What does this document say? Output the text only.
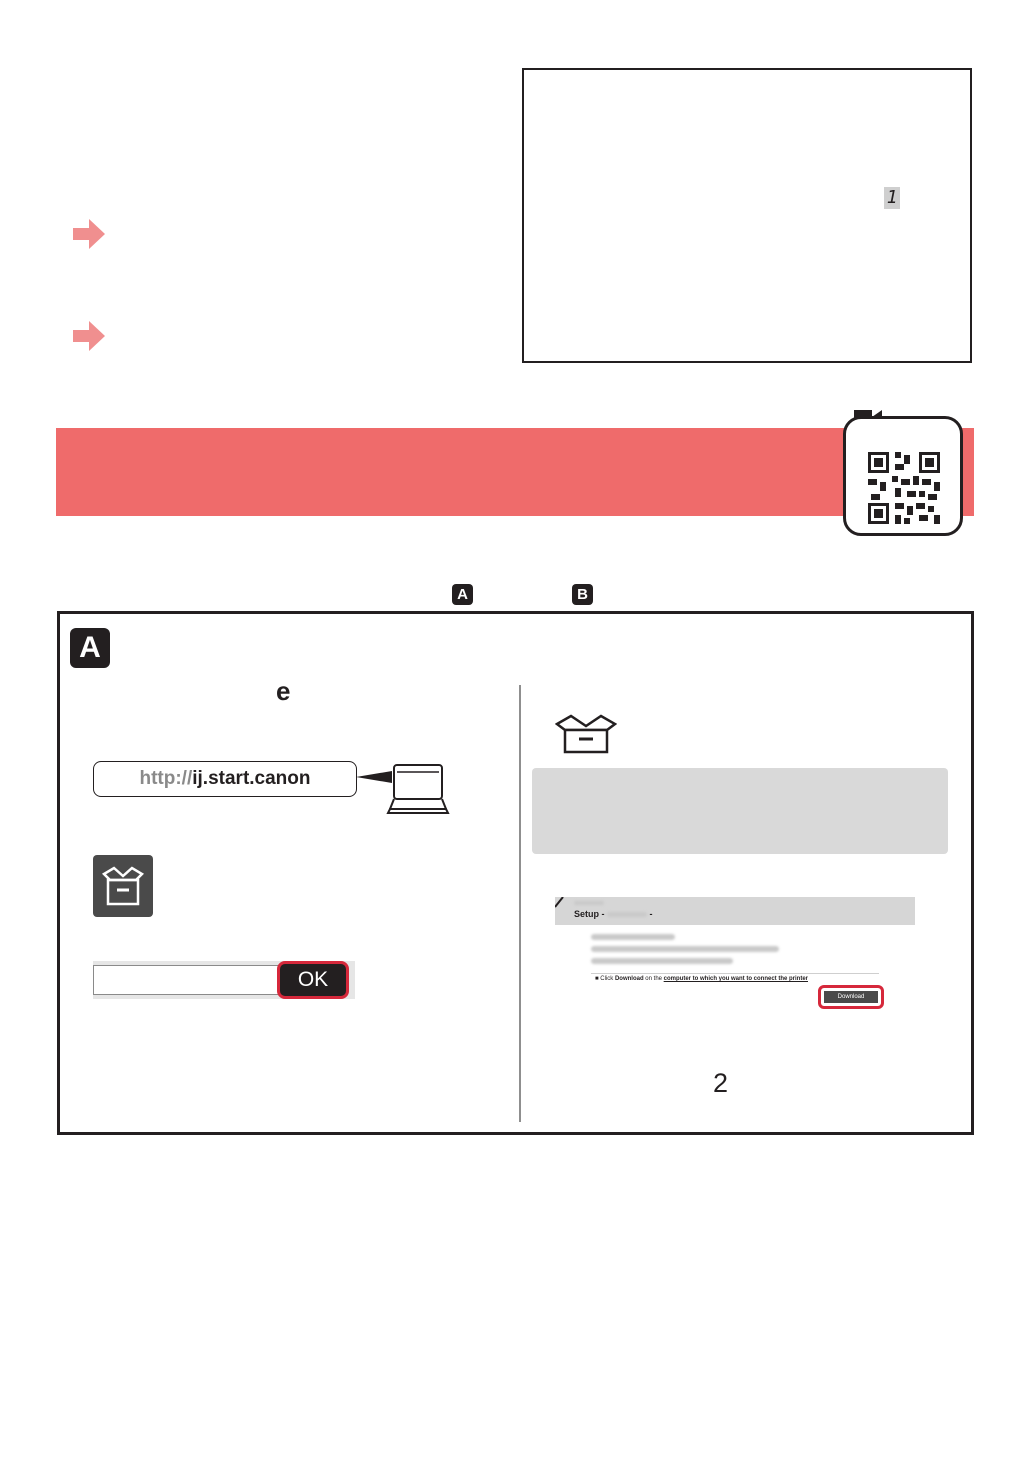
1
A	B
A
e
http://ij.start.canon
OK
Setup -	-
■ Click Download on the computer to which you want to connect the printer
Download
2
